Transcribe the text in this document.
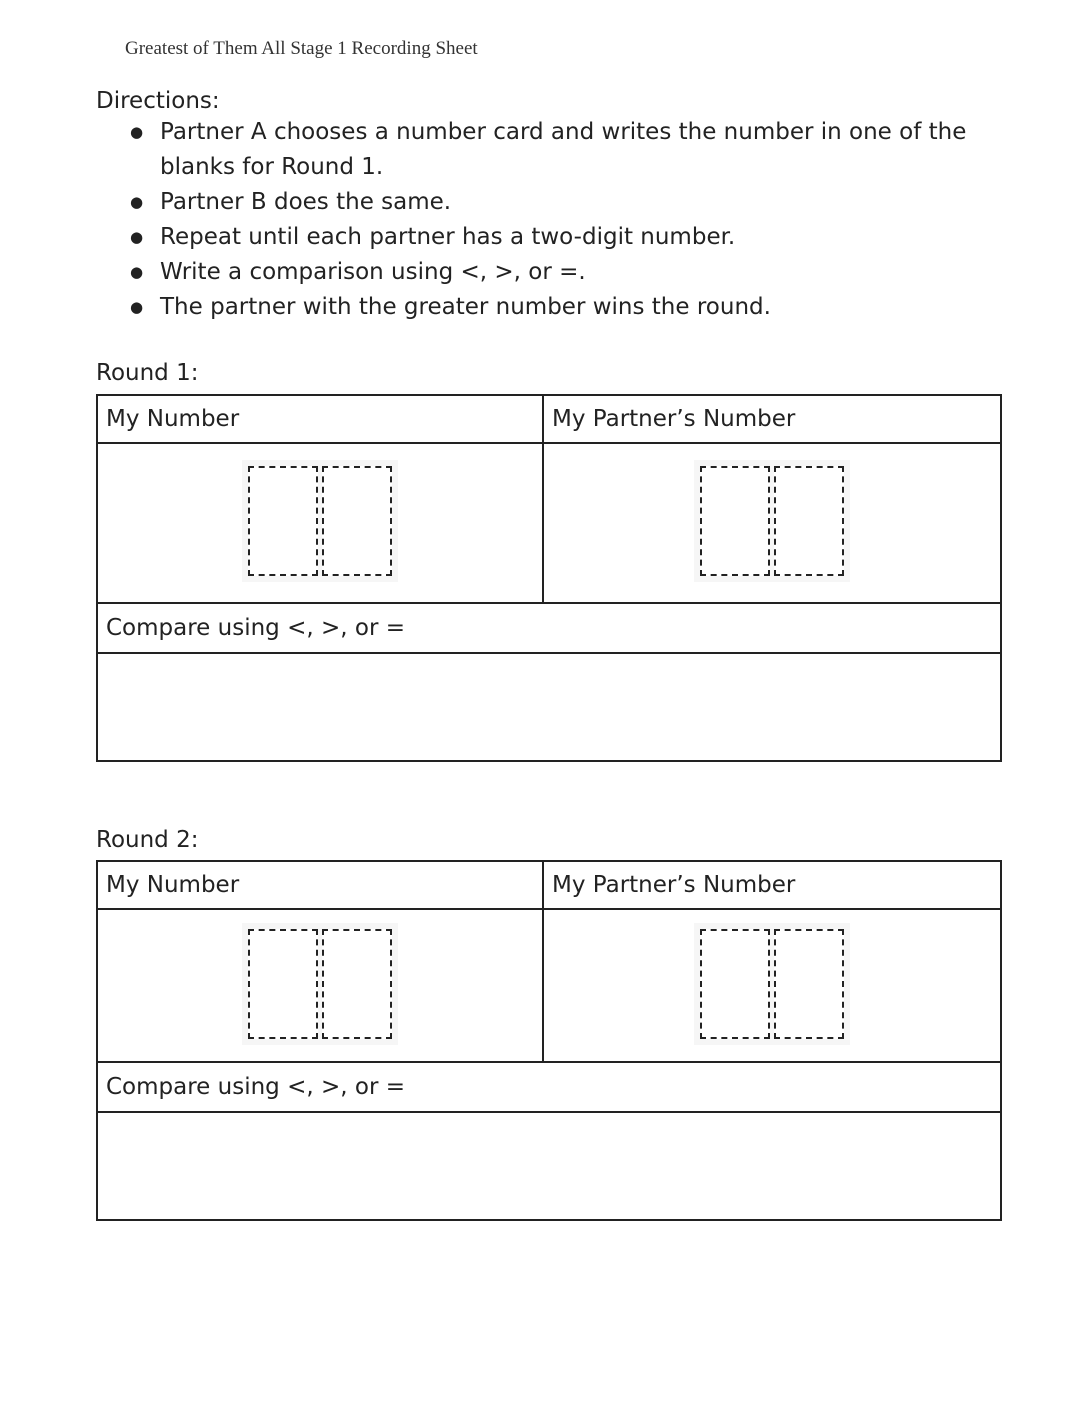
Greatest of Them All Stage 1 Recording Sheet
Directions:
● Partner A chooses a number card and writes the number in one of the blanks for Round 1.
● Partner B does the same.
● Repeat until each partner has a two-digit number.
● Write a comparison using <, >, or =.
● The partner with the greater number wins the round.
Round 1:
My Number	My Partner’s Number
Compare using <, >, or =
Round 2:
My Number	My Partner’s Number
Compare using <, >, or =
